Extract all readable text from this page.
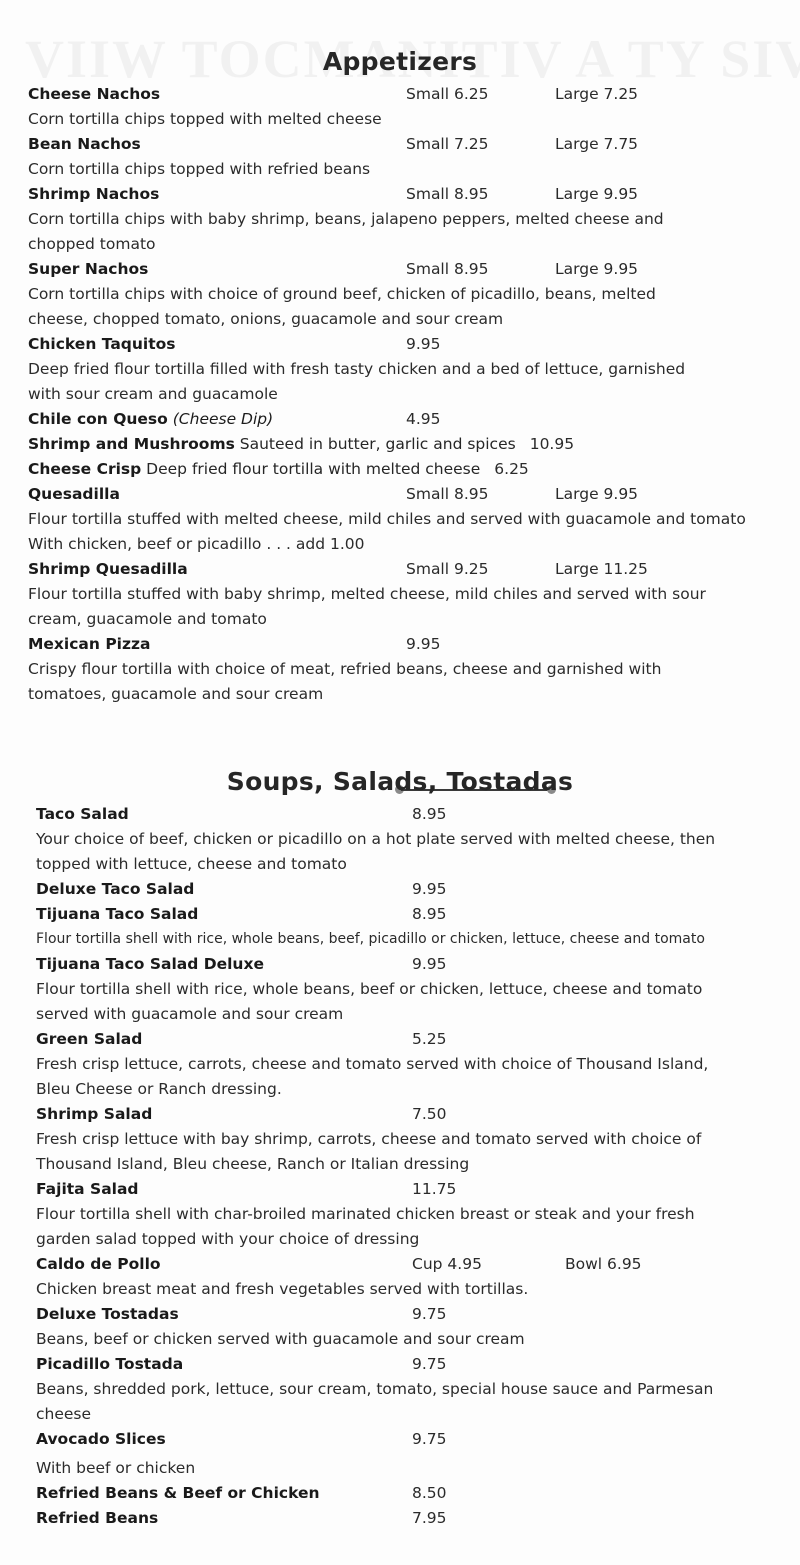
Appetizers
Cheese Nachos	Small 6.25	Large 7.25
Corn tortilla chips topped with melted cheese
Bean Nachos	Small 7.25	Large 7.75
Corn tortilla chips topped with refried beans
Shrimp Nachos	Small 8.95	Large 9.95
Corn tortilla chips with baby shrimp, beans, jalapeno peppers, melted cheese and
chopped tomato
Super Nachos	Small 8.95	Large 9.95
Corn tortilla chips with choice of ground beef, chicken of picadillo, beans, melted
cheese, chopped tomato, onions, guacamole and sour cream
Chicken Taquitos	9.95
Deep fried flour tortilla filled with fresh tasty chicken and a bed of lettuce, garnished
with sour cream and guacamole
Chile con Queso (Cheese Dip)	4.95
Shrimp and Mushrooms Sauteed in butter, garlic and spices 10.95
Cheese Crisp Deep fried flour tortilla with melted cheese 6.25
Quesadilla	Small 8.95	Large 9.95
Flour tortilla stuffed with melted cheese, mild chiles and served with guacamole and tomato
With chicken, beef or picadillo . . . add 1.00
Shrimp Quesadilla	Small 9.25	Large 11.25
Flour tortilla stuffed with baby shrimp, melted cheese, mild chiles and served with sour
cream, guacamole and tomato
Mexican Pizza	9.95
Crispy flour tortilla with choice of meat, refried beans, cheese and garnished with
tomatoes, guacamole and sour cream
Soups, Salads, Tostadas
Taco Salad	8.95
Your choice of beef, chicken or picadillo on a hot plate served with melted cheese, then
topped with lettuce, cheese and tomato
Deluxe Taco Salad	9.95
Tijuana Taco Salad	8.95
Flour tortilla shell with rice, whole beans, beef, picadillo or chicken, lettuce, cheese and tomato
Tijuana Taco Salad Deluxe	9.95
Flour tortilla shell with rice, whole beans, beef or chicken, lettuce, cheese and tomato
served with guacamole and sour cream
Green Salad	5.25
Fresh crisp lettuce, carrots, cheese and tomato served with choice of Thousand Island,
Bleu Cheese or Ranch dressing.
Shrimp Salad	7.50
Fresh crisp lettuce with bay shrimp, carrots, cheese and tomato served with choice of
Thousand Island, Bleu cheese, Ranch or Italian dressing
Fajita Salad	11.75
Flour tortilla shell with char-broiled marinated chicken breast or steak and your fresh
garden salad topped with your choice of dressing
Caldo de Pollo	Cup 4.95	Bowl 6.95
Chicken breast meat and fresh vegetables served with tortillas.
Deluxe Tostadas	9.75
Beans, beef or chicken served with guacamole and sour cream
Picadillo Tostada	9.75
Beans, shredded pork, lettuce, sour cream, tomato, special house sauce and Parmesan
cheese
Avocado Slices	9.75
With beef or chicken
Refried Beans & Beef or Chicken	8.50
Refried Beans	7.95
